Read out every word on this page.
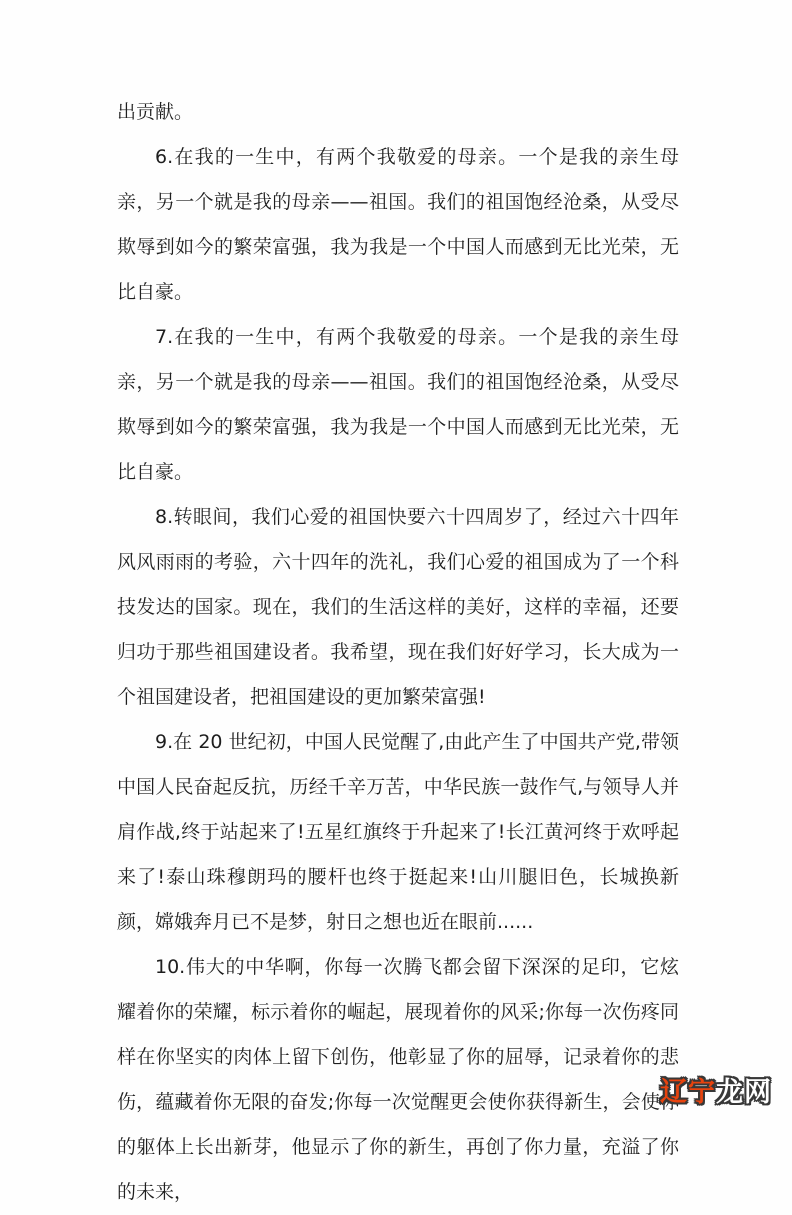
出贡献。

6.在我的一生中，有两个我敬爱的母亲。一个是我的亲生母亲，另一个就是我的母亲——祖国。我们的祖国饱经沧桑，从受尽欺辱到如今的繁荣富强，我为我是一个中国人而感到无比光荣，无比自豪。

7.在我的一生中，有两个我敬爱的母亲。一个是我的亲生母亲，另一个就是我的母亲——祖国。我们的祖国饱经沧桑，从受尽欺辱到如今的繁荣富强，我为我是一个中国人而感到无比光荣，无比自豪。

8.转眼间，我们心爱的祖国快要六十四周岁了，经过六十四年风风雨雨的考验，六十四年的洗礼，我们心爱的祖国成为了一个科技发达的国家。现在，我们的生活这样的美好，这样的幸福，还要归功于那些祖国建设者。我希望，现在我们好好学习，长大成为一个祖国建设者，把祖国建设的更加繁荣富强!

9.在 20 世纪初，中国人民觉醒了,由此产生了中国共产党,带领中国人民奋起反抗，历经千辛万苦，中华民族一鼓作气,与领导人并肩作战,终于站起来了!五星红旗终于升起来了!长江黄河终于欢呼起来了!泰山珠穆朗玛的腰杆也终于挺起来!山川腿旧色，长城换新颜，嫦娥奔月已不是梦，射日之想也近在眼前......

10.伟大的中华啊，你每一次腾飞都会留下深深的足印，它炫耀着你的荣耀，标示着你的崛起，展现着你的风采;你每一次伤疼同样在你坚实的肉体上留下创伤，他彰显了你的屈辱，记录着你的悲伤，蕴藏着你无限的奋发;你每一次觉醒更会使你获得新生，会使你的躯体上长出新芽，他显示了你的新生，再创了你力量，充溢了你的未来，

辽宁龙网
